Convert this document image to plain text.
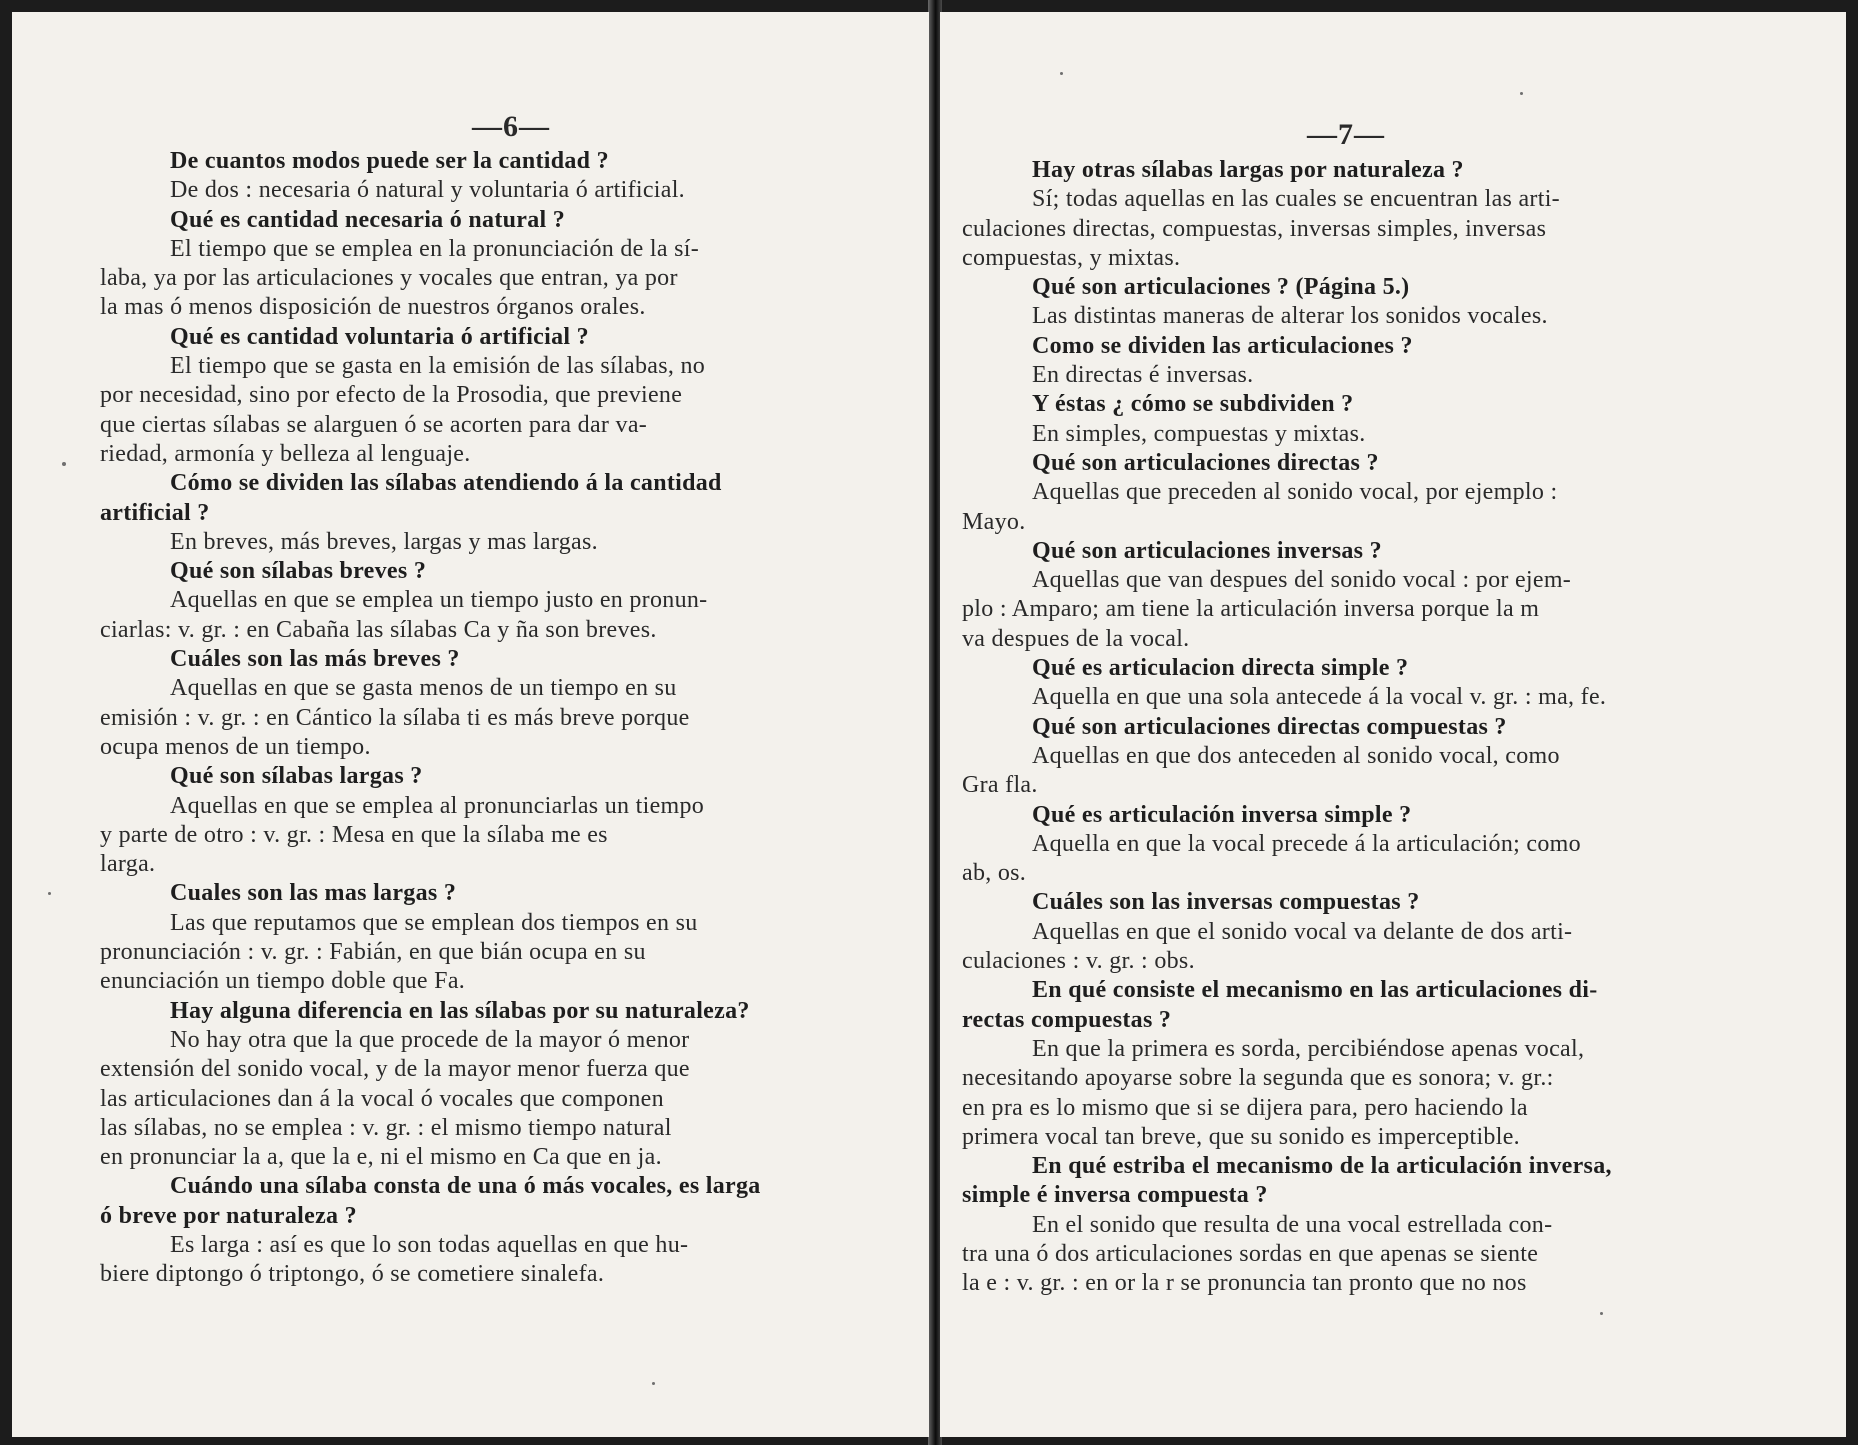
—6—
De cuantos modos puede ser la cantidad ?
De dos : necesaria ó natural y voluntaria ó artificial.
Qué es cantidad necesaria ó natural ?
El tiempo que se emplea en la pronunciación de la sí-
laba, ya por las articulaciones y vocales que entran, ya por
la mas ó menos disposición de nuestros órganos orales.
Qué es cantidad voluntaria ó artificial ?
El tiempo que se gasta en la emisión de las sílabas, no
por necesidad, sino por efecto de la Prosodia, que previene
que ciertas sílabas se alarguen ó se acorten para dar va-
riedad, armonía y belleza al lenguaje.
Cómo se dividen las sílabas atendiendo á la cantidad
artificial ?
En breves, más breves, largas y mas largas.
Qué son sílabas breves ?
Aquellas en que se emplea un tiempo justo en pronun-
ciarlas: v. gr. : en Cabaña las sílabas Ca y ña son breves.
Cuáles son las más breves ?
Aquellas en que se gasta menos de un tiempo en su
emisión : v. gr. : en Cántico la sílaba ti es más breve porque
ocupa menos de un tiempo.
Qué son sílabas largas ?
Aquellas en que se emplea al pronunciarlas un tiempo
y parte de otro : v. gr. : Mesa en que la sílaba me es
larga.
Cuales son las mas largas ?
Las que reputamos que se emplean dos tiempos en su
pronunciación : v. gr. : Fabián, en que bián ocupa en su
enunciación un tiempo doble que Fa.
Hay alguna diferencia en las sílabas por su naturaleza?
No hay otra que la que procede de la mayor ó menor
extensión del sonido vocal, y de la mayor menor fuerza que
las articulaciones dan á la vocal ó vocales que componen
las sílabas, no se emplea : v. gr. : el mismo tiempo natural
en pronunciar la a, que la e, ni el mismo en Ca que en ja.
Cuándo una sílaba consta de una ó más vocales, es larga
ó breve por naturaleza ?
Es larga : así es que lo son todas aquellas en que hu-
biere diptongo ó triptongo, ó se cometiere sinalefa.
—7—
Hay otras sílabas largas por naturaleza ?
Sí; todas aquellas en las cuales se encuentran las arti-
culaciones directas, compuestas, inversas simples, inversas
compuestas, y mixtas.
Qué son articulaciones ? (Página 5.)
Las distintas maneras de alterar los sonidos vocales.
Como se dividen las articulaciones ?
En directas é inversas.
Y éstas ¿ cómo se subdividen ?
En simples, compuestas y mixtas.
Qué son articulaciones directas ?
Aquellas que preceden al sonido vocal, por ejemplo :
Mayo.
Qué son articulaciones inversas ?
Aquellas que van despues del sonido vocal : por ejem-
plo : Amparo; am tiene la articulación inversa porque la m
va despues de la vocal.
Qué es articulacion directa simple ?
Aquella en que una sola antecede á la vocal v. gr. : ma, fe.
Qué son articulaciones directas compuestas ?
Aquellas en que dos anteceden al sonido vocal, como
Gra fla.
Qué es articulación inversa simple ?
Aquella en que la vocal precede á la articulación; como
ab, os.
Cuáles son las inversas compuestas ?
Aquellas en que el sonido vocal va delante de dos arti-
culaciones : v. gr. : obs.
En qué consiste el mecanismo en las articulaciones di-
rectas compuestas ?
En que la primera es sorda, percibiéndose apenas vocal,
necesitando apoyarse sobre la segunda que es sonora; v. gr.:
en pra es lo mismo que si se dijera para, pero haciendo la
primera vocal tan breve, que su sonido es imperceptible.
En qué estriba el mecanismo de la articulación inversa,
simple é inversa compuesta ?
En el sonido que resulta de una vocal estrellada con-
tra una ó dos articulaciones sordas en que apenas se siente
la e : v. gr. : en or la r se pronuncia tan pronto que no nos
